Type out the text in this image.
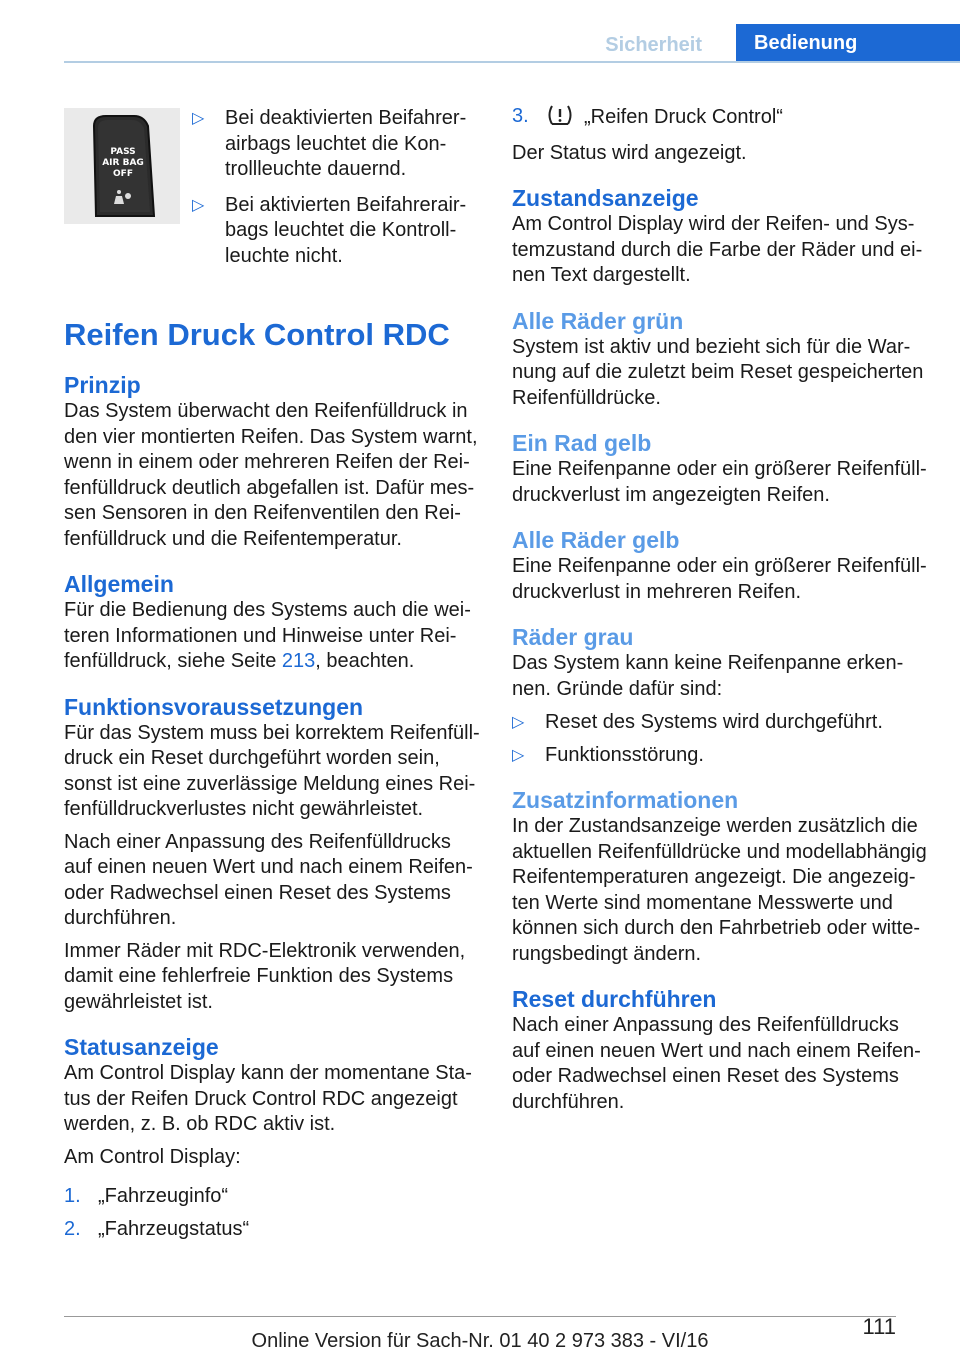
Sicherheit	Bedienung
PASS
AIR BAG
OFF
▷ Bei deaktivierten Beifahrer-airbags leuchtet die Kon-trollleuchte dauernd.
▷ Bei aktivierten Beifahrerair-bags leuchtet die Kontroll-leuchte nicht.
Reifen Druck Control RDC
Prinzip

Das System überwacht den Reifenfülldruck in den vier montierten Reifen. Das System warnt, wenn in einem oder mehreren Reifen der Rei-fenfülldruck deutlich abgefallen ist. Dafür mes-sen Sensoren in den Reifenventilen den Rei-fenfülldruck und die Reifentemperatur.

Allgemein

Für die Bedienung des Systems auch die wei-teren Informationen und Hinweise unter Rei-fenfülldruck, siehe Seite 213, beachten.

Funktionsvoraussetzungen

Für das System muss bei korrektem Reifenfüll-druck ein Reset durchgeführt worden sein, sonst ist eine zuverlässige Meldung eines Rei-fenfülldruckverlustes nicht gewährleistet.

Nach einer Anpassung des Reifenfülldrucks auf einen neuen Wert und nach einem Reifen- oder Radwechsel einen Reset des Systems durchführen.

Immer Räder mit RDC-Elektronik verwenden, damit eine fehlerfreie Funktion des Systems gewährleistet ist.

Statusanzeige

Am Control Display kann der momentane Sta-tus der Reifen Druck Control RDC angezeigt werden, z. B. ob RDC aktiv ist.

Am Control Display:

1. „Fahrzeuginfo“
2. „Fahrzeugstatus“
3.	„Reifen Druck Control“

Der Status wird angezeigt.

Zustandsanzeige

Am Control Display wird der Reifen- und Sys-temzustand durch die Farbe der Räder und ei-nen Text dargestellt.

Alle Räder grün

System ist aktiv und bezieht sich für die War-nung auf die zuletzt beim Reset gespeicherten Reifenfülldrücke.

Ein Rad gelb

Eine Reifenpanne oder ein größerer Reifenfüll-druckverlust im angezeigten Reifen.

Alle Räder gelb

Eine Reifenpanne oder ein größerer Reifenfüll-druckverlust in mehreren Reifen.

Räder grau

Das System kann keine Reifenpanne erken-nen. Gründe dafür sind:

▷ Reset des Systems wird durchgeführt.
▷ Funktionsstörung.
Zusatzinformationen

In der Zustandsanzeige werden zusätzlich die aktuellen Reifenfülldrücke und modellabhängig Reifentemperaturen angezeigt. Die angezeig-ten Werte sind momentane Messwerte und können sich durch den Fahrbetrieb oder witte-rungsbedingt ändern.

Reset durchführen

Nach einer Anpassung des Reifenfülldrucks auf einen neuen Wert und nach einem Reifen- oder Radwechsel einen Reset des Systems durchführen.

111
Online Version für Sach-Nr. 01 40 2 973 383 - VI/16
